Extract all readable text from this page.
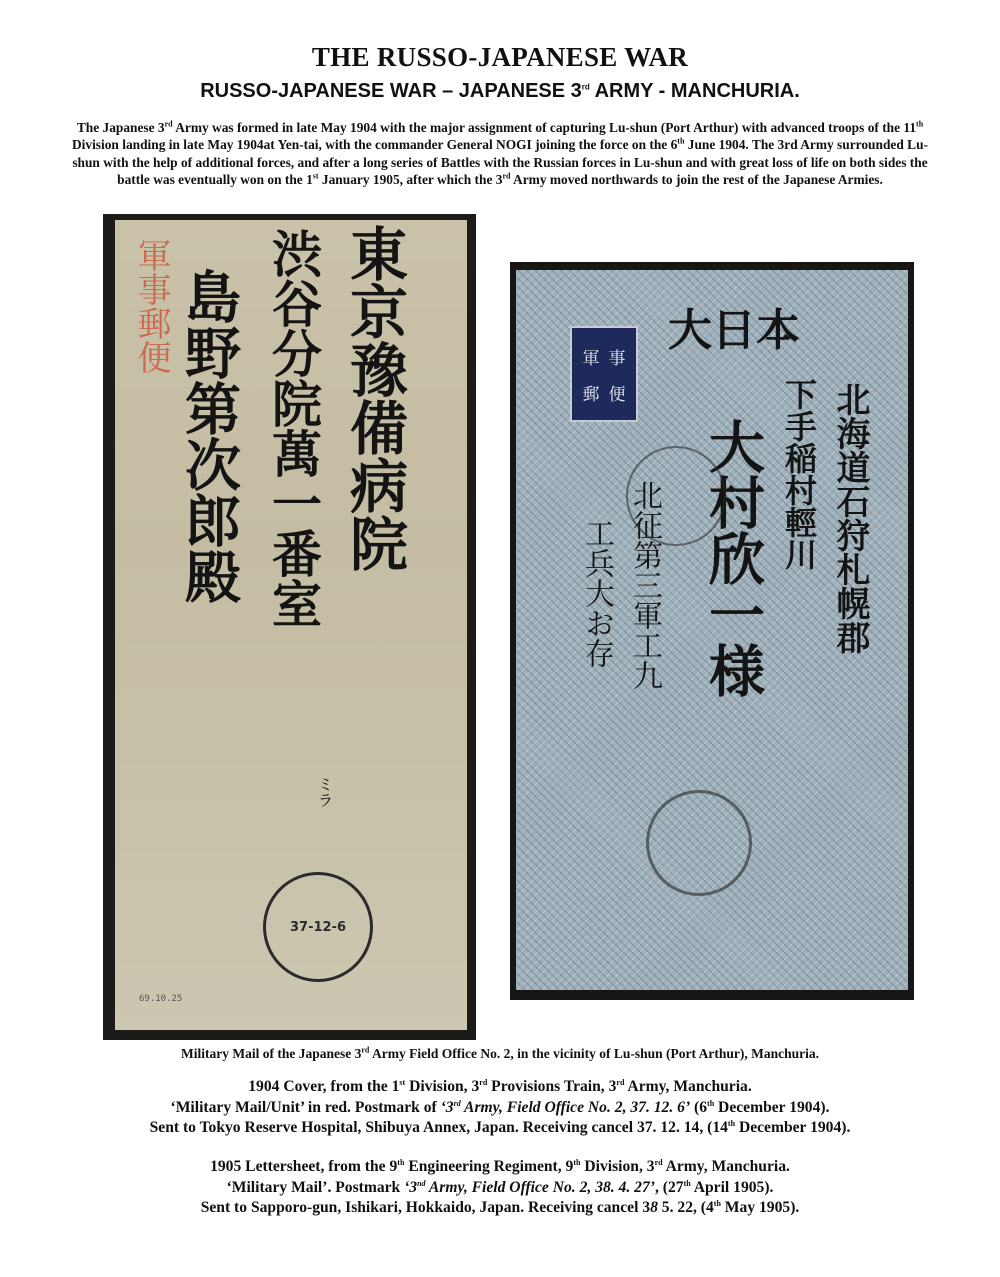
THE RUSSO-JAPANESE WAR
RUSSO-JAPANESE WAR – JAPANESE 3rd ARMY - MANCHURIA.
The Japanese 3rd Army was formed in late May 1904 with the major assignment of capturing Lu-shun (Port Arthur) with advanced troops of the 11th Division landing in late May 1904at Yen-tai, with the commander General NOGI joining the force on the 6th June 1904. The 3rd Army surrounded Lu-shun with the help of additional forces, and after a long series of Battles with the Russian forces in Lu-shun and with great loss of life on both sides the battle was eventually won on the 1st January 1905, after which the 3rd Army moved northwards to join the rest of the Japanese Armies.
軍事郵便	東京豫備病院
渋谷分院萬一番室
島野第次郎殿
ミラ
37-12-6
69.10.25
軍 事
郵 便
大日本
北海道石狩札幌郡
下手稲村輕川
大村欣一様
北征第三軍工九
工兵大お存
Military Mail of the Japanese 3rd Army Field Office No. 2, in the vicinity of Lu-shun (Port Arthur), Manchuria.

1904 Cover, from the 1st Division, 3rd Provisions Train, 3rd Army, Manchuria.

‘Military Mail/Unit’ in red. Postmark of ‘3rd Army, Field Office No. 2, 37. 12. 6’ (6th December 1904).

Sent to Tokyo Reserve Hospital, Shibuya Annex, Japan. Receiving cancel 37. 12. 14, (14th December 1904).

1905 Lettersheet, from the 9th Engineering Regiment, 9th Division, 3rd Army, Manchuria.

‘Military Mail’. Postmark ‘3nd Army, Field Office No. 2, 38. 4. 27’, (27th April 1905).

Sent to Sapporo-gun, Ishikari, Hokkaido, Japan. Receiving cancel 38 5. 22, (4th May 1905).
